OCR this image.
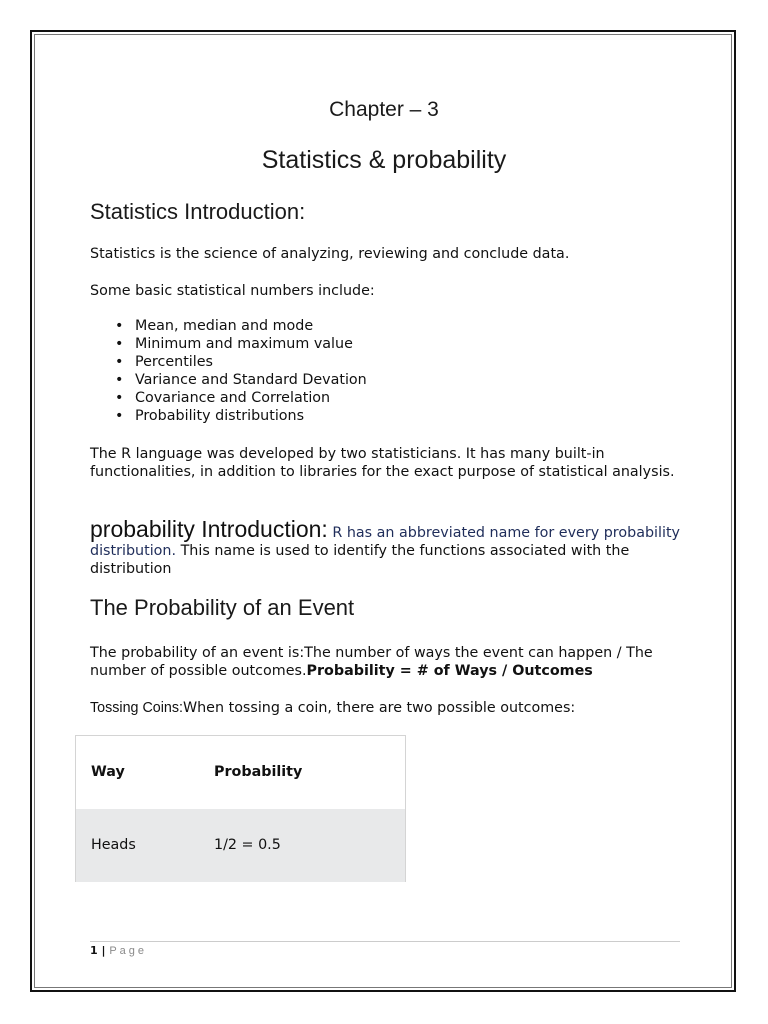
Chapter – 3
Statistics & probability
Statistics Introduction:
Statistics is the science of analyzing, reviewing and conclude data.
Some basic statistical numbers include:
• Mean, median and mode
• Minimum and maximum value
• Percentiles
• Variance and Standard Devation
• Covariance and Correlation
• Probability distributions
The R language was developed by two statisticians. It has many built-in functionalities, in addition to libraries for the exact purpose of statistical analysis.
probability Introduction: R has an abbreviated name for every probability distribution. This name is used to identify the functions associated with the distribution
The Probability of an Event
The probability of an event is:The number of ways the event can happen / The number of possible outcomes.Probability = # of Ways / Outcomes
Tossing Coins:When tossing a coin, there are two possible outcomes:
Way	Probability
Heads	1/2 = 0.5
1 | Page
